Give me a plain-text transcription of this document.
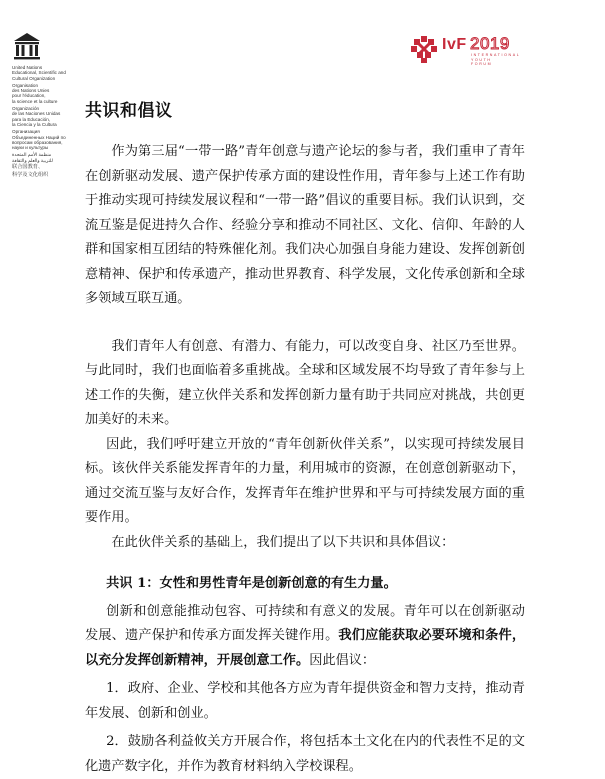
United Nations
Educational, Scientific and
Cultural Organization
Organisation
des Nations Unies
pour l'éducation,
la science et la culture
Organización
de las Naciones Unidas
para la Educación,
la Ciencia y la Cultura
Организация
Объединенных Наций по
вопросам образования,
науки и культуры
منظمة الأمم المتحدة
للتربية والعلم والثقافة
联合国教育、
科学及文化组织
IvF 2019
INTERNATIONAL
YOUTH
FORUM
共识和倡议

作为第三届“一带一路”青年创意与遗产论坛的参与者，我们重申了青年在创新驱动发展、遗产保护传承方面的建设性作用，青年参与上述工作有助于推动实现可持续发展议程和“一带一路”倡议的重要目标。我们认识到，交流互鉴是促进持久合作、经验分享和推动不同社区、文化、信仰、年龄的人群和国家相互团结的特殊催化剂。我们决心加强自身能力建设、发挥创新创意精神、保护和传承遗产，推动世界教育、科学发展，文化传承创新和全球多领域互联互通。

我们青年人有创意、有潜力、有能力，可以改变自身、社区乃至世界。与此同时，我们也面临着多重挑战。全球和区域发展不均导致了青年参与上述工作的失衡，建立伙伴关系和发挥创新力量有助于共同应对挑战，共创更加美好的未来。

因此，我们呼吁建立开放的“青年创新伙伴关系”，以实现可持续发展目标。该伙伴关系能发挥青年的力量，利用城市的资源，在创意创新驱动下，通过交流互鉴与友好合作，发挥青年在维护世界和平与可持续发展方面的重要作用。

在此伙伴关系的基础上，我们提出了以下共识和具体倡议：

共识 1：女性和男性青年是创新创意的有生力量。

创新和创意能推动包容、可持续和有意义的发展。青年可以在创新驱动发展、遗产保护和传承方面发挥关键作用。我们应能获取必要环境和条件，以充分发挥创新精神，开展创意工作。因此倡议：

1．政府、企业、学校和其他各方应为青年提供资金和智力支持，推动青年发展、创新和创业。

2．鼓励各利益攸关方开展合作，将包括本土文化在内的代表性不足的文化遗产数字化，并作为教育材料纳入学校课程。
